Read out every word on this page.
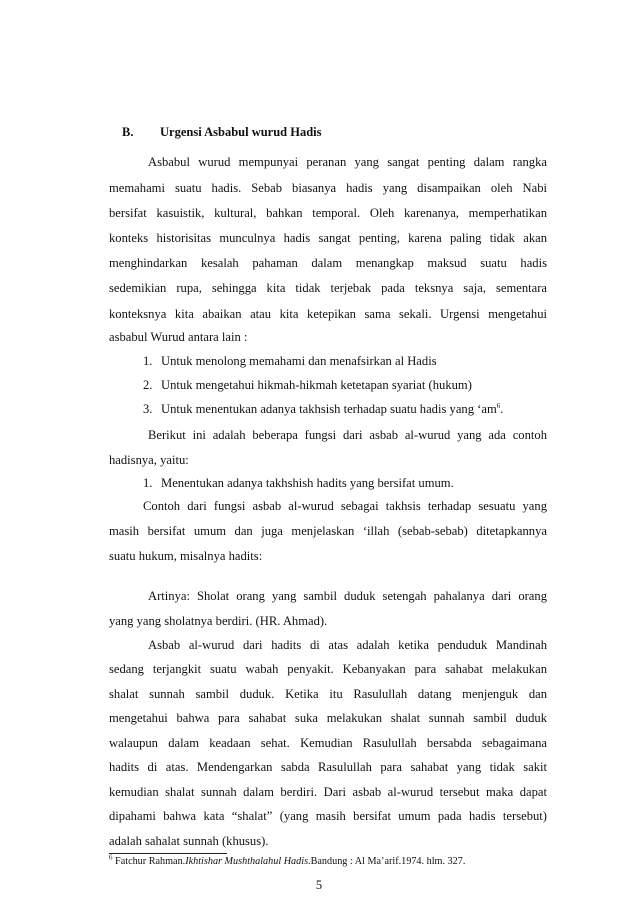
B. Urgensi Asbabul wurud Hadis
Asbabul wurud mempunyai peranan yang sangat penting dalam rangka
memahami suatu hadis. Sebab biasanya hadis yang disampaikan oleh Nabi
bersifat kasuistik, kultural, bahkan temporal. Oleh karenanya, memperhatikan
konteks historisitas munculnya hadis sangat penting, karena paling tidak akan
menghindarkan kesalah pahaman dalam menangkap maksud suatu hadis
sedemikian rupa, sehingga kita tidak terjebak pada teksnya saja, sementara
konteksnya kita abaikan atau kita ketepikan sama sekali. Urgensi mengetahui
asbabul Wurud antara lain :
1. Untuk menolong memahami dan menafsirkan al Hadis
2. Untuk mengetahui hikmah-hikmah ketetapan syariat (hukum)
3. Untuk menentukan adanya takhsish terhadap suatu hadis yang ‘$am^6$.
Berikut ini adalah beberapa fungsi dari asbab al-wurud yang ada contoh
hadisnya, yaitu:
1. Menentukan adanya takhshish hadits yang bersifat umum.
Contoh dari fungsi asbab al-wurud sebagai takhsis terhadap sesuatu yang
masih bersifat umum dan juga menjelaskan ‘illah (sebab-sebab) ditetapkannya
suatu hukum, misalnya hadits:
Artinya: Sholat orang yang sambil duduk setengah pahalanya dari orang
yang yang sholatnya berdiri. (HR. Ahmad).
Asbab al-wurud dari hadits di atas adalah ketika penduduk Mandinah
sedang terjangkit suatu wabah penyakit. Kebanyakan para sahabat melakukan
shalat sunnah sambil duduk. Ketika itu Rasulullah datang menjenguk dan
mengetahui bahwa para sahabat suka melakukan shalat sunnah sambil duduk
walaupun dalam keadaan sehat. Kemudian Rasulullah bersabda sebagaimana
hadits di atas. Mendengarkan sabda Rasulullah para sahabat yang tidak sakit
kemudian shalat sunnah dalam berdiri. Dari asbab al-wurud tersebut maka dapat
dipahami bahwa kata “shalat” (yang masih bersifat umum pada hadis tersebut)
adalah sahalat sunnah (khusus).
$^6$ Fatchur Rahman.Ikhtishar Mushthalahul Hadis.Bandung : Al Ma’arif.1974. hlm. 327.
5
